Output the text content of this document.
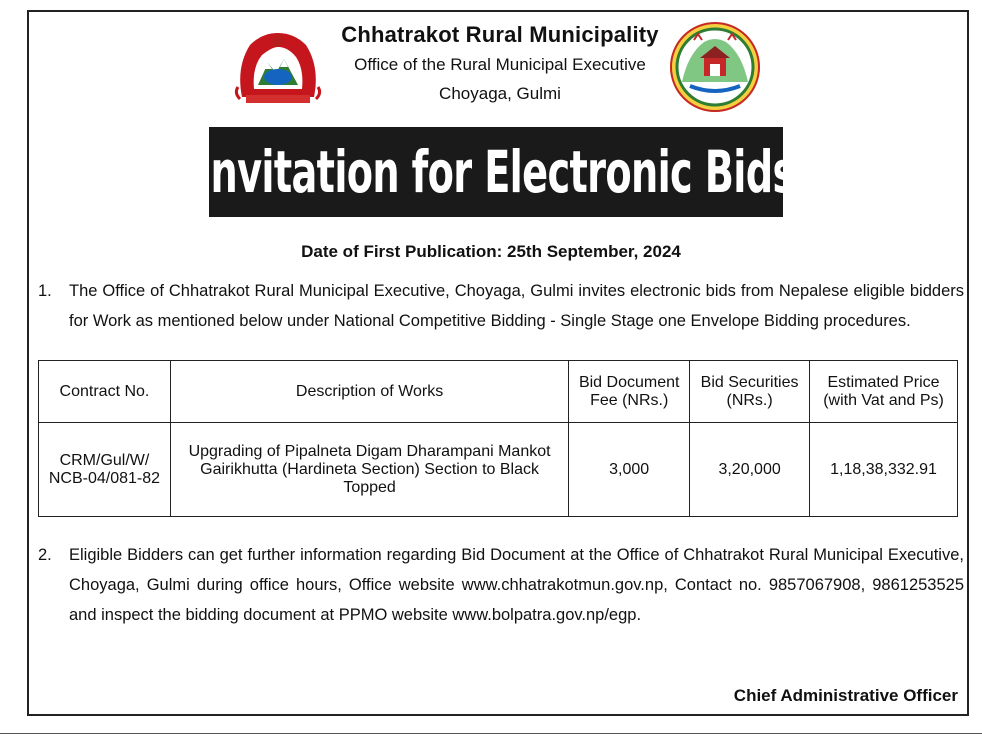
Chhatrakot Rural Municipality
Office of the Rural Municipal Executive
Choyaga, Gulmi
Invitation for Electronic Bids
Date of First Publication: 25th September, 2024
1. The Office of Chhatrakot Rural Municipal Executive, Choyaga, Gulmi invites electronic bids from Nepalese eligible bidders for Work as mentioned below under National Competitive Bidding - Single Stage one Envelope Bidding procedures.
Contract No.	Description of Works	Bid Document Fee (NRs.)	Bid Securities (NRs.)	Estimated Price (with Vat and Ps)
CRM/Gul/W/ NCB-04/081-82	Upgrading of Pipalneta Digam Dharampani Mankot Gairikhutta (Hardineta Section) Section to Black Topped	3,000	3,20,000	1,18,38,332.91
2. Eligible Bidders can get further information regarding Bid Document at the Office of Chhatrakot Rural Municipal Executive, Choyaga, Gulmi during office hours, Office website www.chhatrakotmun.gov.np, Contact no. 9857067908, 9861253525 and inspect the bidding document at PPMO website www.bolpatra.gov.np/egp.
Chief Administrative Officer
